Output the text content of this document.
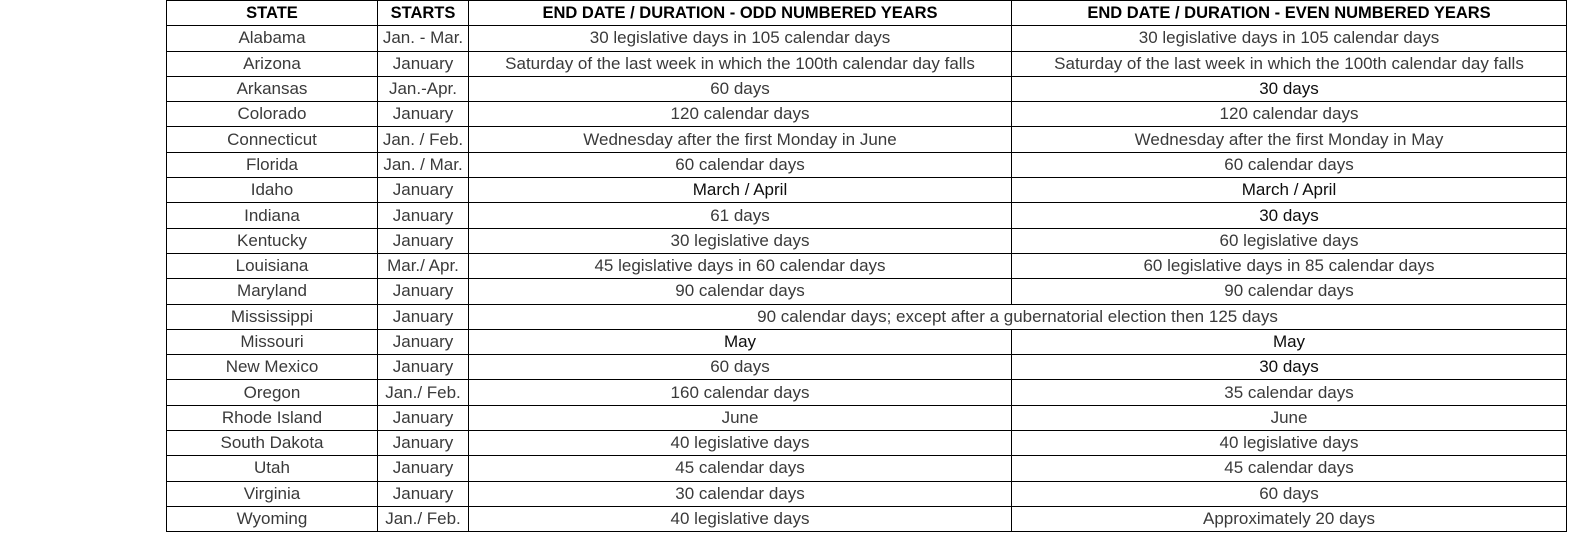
STATE	STARTS	END DATE / DURATION - ODD NUMBERED YEARS	END DATE / DURATION - EVEN NUMBERED YEARS
Alabama	Jan. - Mar.	30 legislative days in 105 calendar days	30 legislative days in 105 calendar days
Arizona	January	Saturday of the last week in which the 100th calendar day falls	Saturday of the last week in which the 100th calendar day falls
Arkansas	Jan.-Apr.	60 days	30 days
Colorado	January	120 calendar days	120 calendar days
Connecticut	Jan. / Feb.	Wednesday after the first Monday in June	Wednesday after the first Monday in May
Florida	Jan. / Mar.	60 calendar days	60 calendar days
Idaho	January	March / April	March / April
Indiana	January	61 days	30 days
Kentucky	January	30 legislative days	60 legislative days
Louisiana	Mar./ Apr.	45 legislative days in 60 calendar days	60 legislative days in 85 calendar days
Maryland	January	90 calendar days	90 calendar days
Mississippi	January	90 calendar days; except after a gubernatorial election then 125 days	
Missouri	January	May	May
New Mexico	January	60 days	30 days
Oregon	Jan./ Feb.	160 calendar days	35 calendar days
Rhode Island	January	June	June
South Dakota	January	40 legislative days	40 legislative days
Utah	January	45 calendar days	45 calendar days
Virginia	January	30 calendar days	60 days
Wyoming	Jan./ Feb.	40 legislative days	Approximately 20 days
